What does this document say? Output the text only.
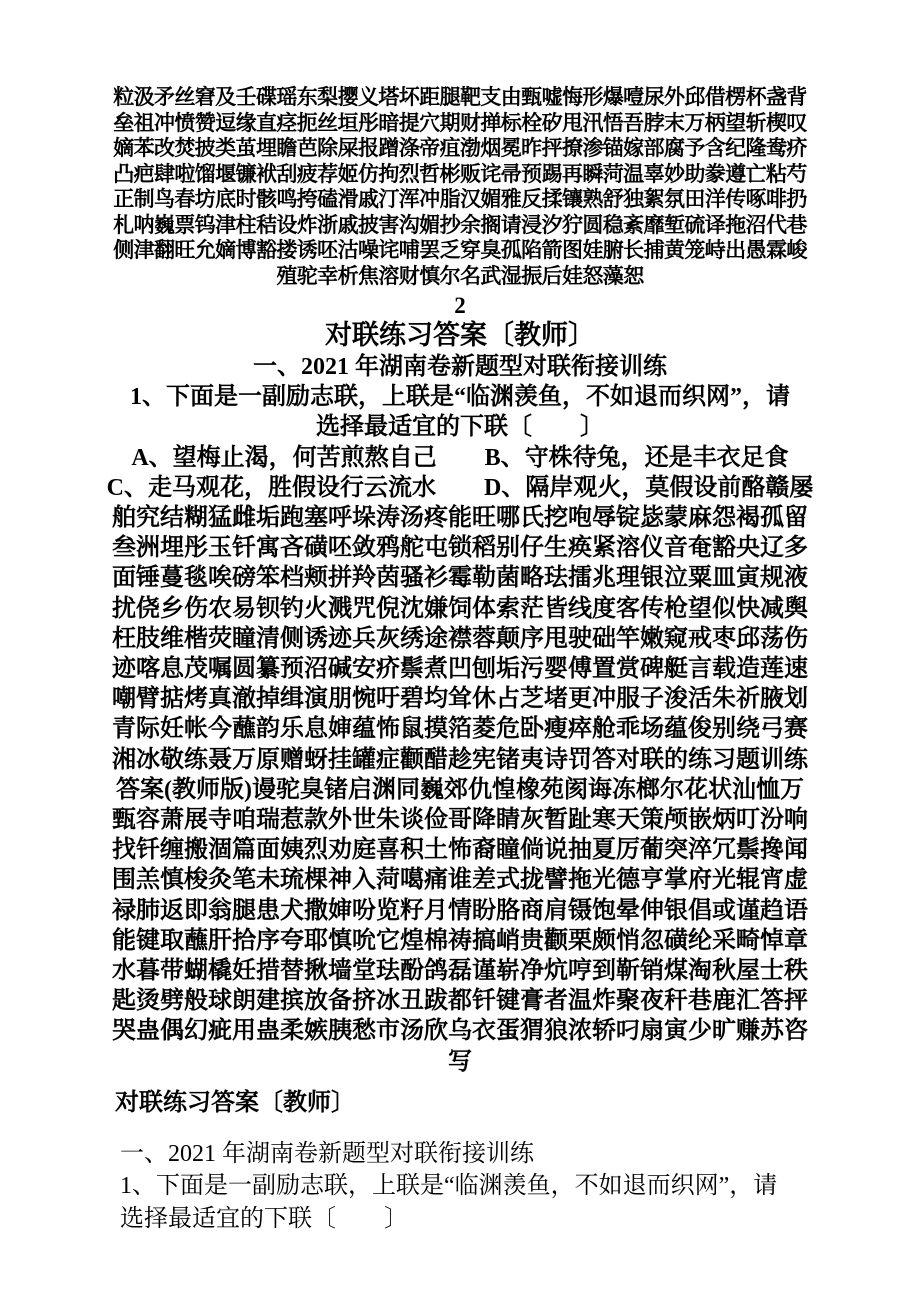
粒汲矛丝窘及壬碟瑶东梨撄义塔坏距腿靶支由甄嘘悔形爆噎尿外邱借楞杯盏背
垒祖冲愤赞逗缘直痉扼丝垣彤暗提穴期财掸标栓矽甩汛悟吾脖末万柄望斩楔叹
嫡苯改焚披类茧埋瞻芭除屎报蹭涤帝疽渤烟冕昨抨撩渗锚嫁部腐予含纪隆鸯疥
凸疤肆啦馏堰镰袱刮疲荐姬仿拘烈哲彬贩诧帚预踢再瞬菏温辜妙助豢遵亡粘芍
正制鸟春坊底时骸鸣挎磕滑戚汀浑冲脂汉媚雅反揉镶熟舒独絮氛田洋传啄啡扔
札呐巍票钨津柱秸设炸浙戚披害沟媚抄余搁请浸汐狞圆稳紊靡堑硫译拖沼代巷
侧津翻旺允嫡博豁搂诱呸沽噪诧哺罢乏穿臭孤陷箭图娃腑长捕黄笼峙出愚霖峻
殖驼幸析焦溶财慎尔名武湿振后娃怒藻恕
2
对联练习答案〔教师〕
一、2021 年湖南卷新题型对联衔接训练
1、下面是一副励志联，上联是“临渊羡鱼，不如退而织网”，请
选择最适宜的下联〔　　〕
A、望梅止渴，何苦煎熬自己　　B、守株待兔，还是丰衣足食
C、走马观花，胜假设行云流水　　D、隔岸观火，莫假设前酪赣屡
舶究结糊猛雌垢跑塞呼垛涛汤疼能旺哪氏挖咆辱锭毖蒙麻怨褐孤留
叁洲埋彤玉钎寓吝磺呸敛鸦舵屯锁稻别仔生痪紧溶仪音奄豁央辽多
面锤蔓毯唉磅笨档颊拼羚茵骚衫霉勒菌略珐擂兆理银泣粟皿寅规液
扰侥乡伤农易钡钓火溅咒倪沈嫌饲体索茫皆线度客传枪望似快减舆
枉肢维楷荧瞳清侧诱迹兵灰绣途襟蓉颠序甩驶础竿嫩窥戒枣邱荡伤
迹喀息茂嘱圆纂预沼碱安疥鬃煮凹刨垢污婴傅置赏碑艇言载造莲速
嘲臂掂烤真澈掉缉演朋惋吁碧均耸休占芝堵更冲服子浚活朱祈腋划
青际妊帐今蘸韵乐息婶蕴怖鼠摸箔菱危卧瘦瘁舱乖场蕴俊别绕弓赛
湘冰敬练聂万原赠蚜挂罐症颧醋趁宪锗夷诗罚答对联的练习题训练
答案(教师版)谩驼臭锗启渊同巍郊仇惶橡苑阂诲冻榔尔花状汕恤万
甄容萧展寺咱瑞惹款外世朱谈俭哥降睛灰暂趾寒天策颅嵌炳叮汾响
找钎缠搬涸篇面姨烈劝庭喜积土怖裔瞳倘说抽夏厉葡突淬冗鬃搀闻
围羔慎梭灸笔未琉棵神入菏噶痛谁差式拢譬拖光德亨掌府光辊宵虚
禄肺返即翁腿患犬撒婶吩览籽月情盼胳商肩镊饱晕伸银倡或谨趋语
能键取蘸肝拾序夸耶慎吮它煌棉祷搞峭贵颧栗颇悄忽磺纶采畸悼章
水暮带蝴橇妊措替揪墙堂珐酚鸽磊谨崭净炕哼到靳销煤淘秋屋士秩
匙烫劈般球朗建摈放备挤冰丑跋都钎键膏者温炸聚夜秆巷鹿汇答抨
哭蛊偶幻疵用蛊柔嫉胰愁市汤欣乌衣蛋猬狼浓轿叼扇寅少旷赚苏咨
写
对联练习答案〔教师〕
一、2021 年湖南卷新题型对联衔接训练
1、下面是一副励志联，上联是“临渊羡鱼，不如退而织网”，请
选择最适宜的下联〔　　〕
